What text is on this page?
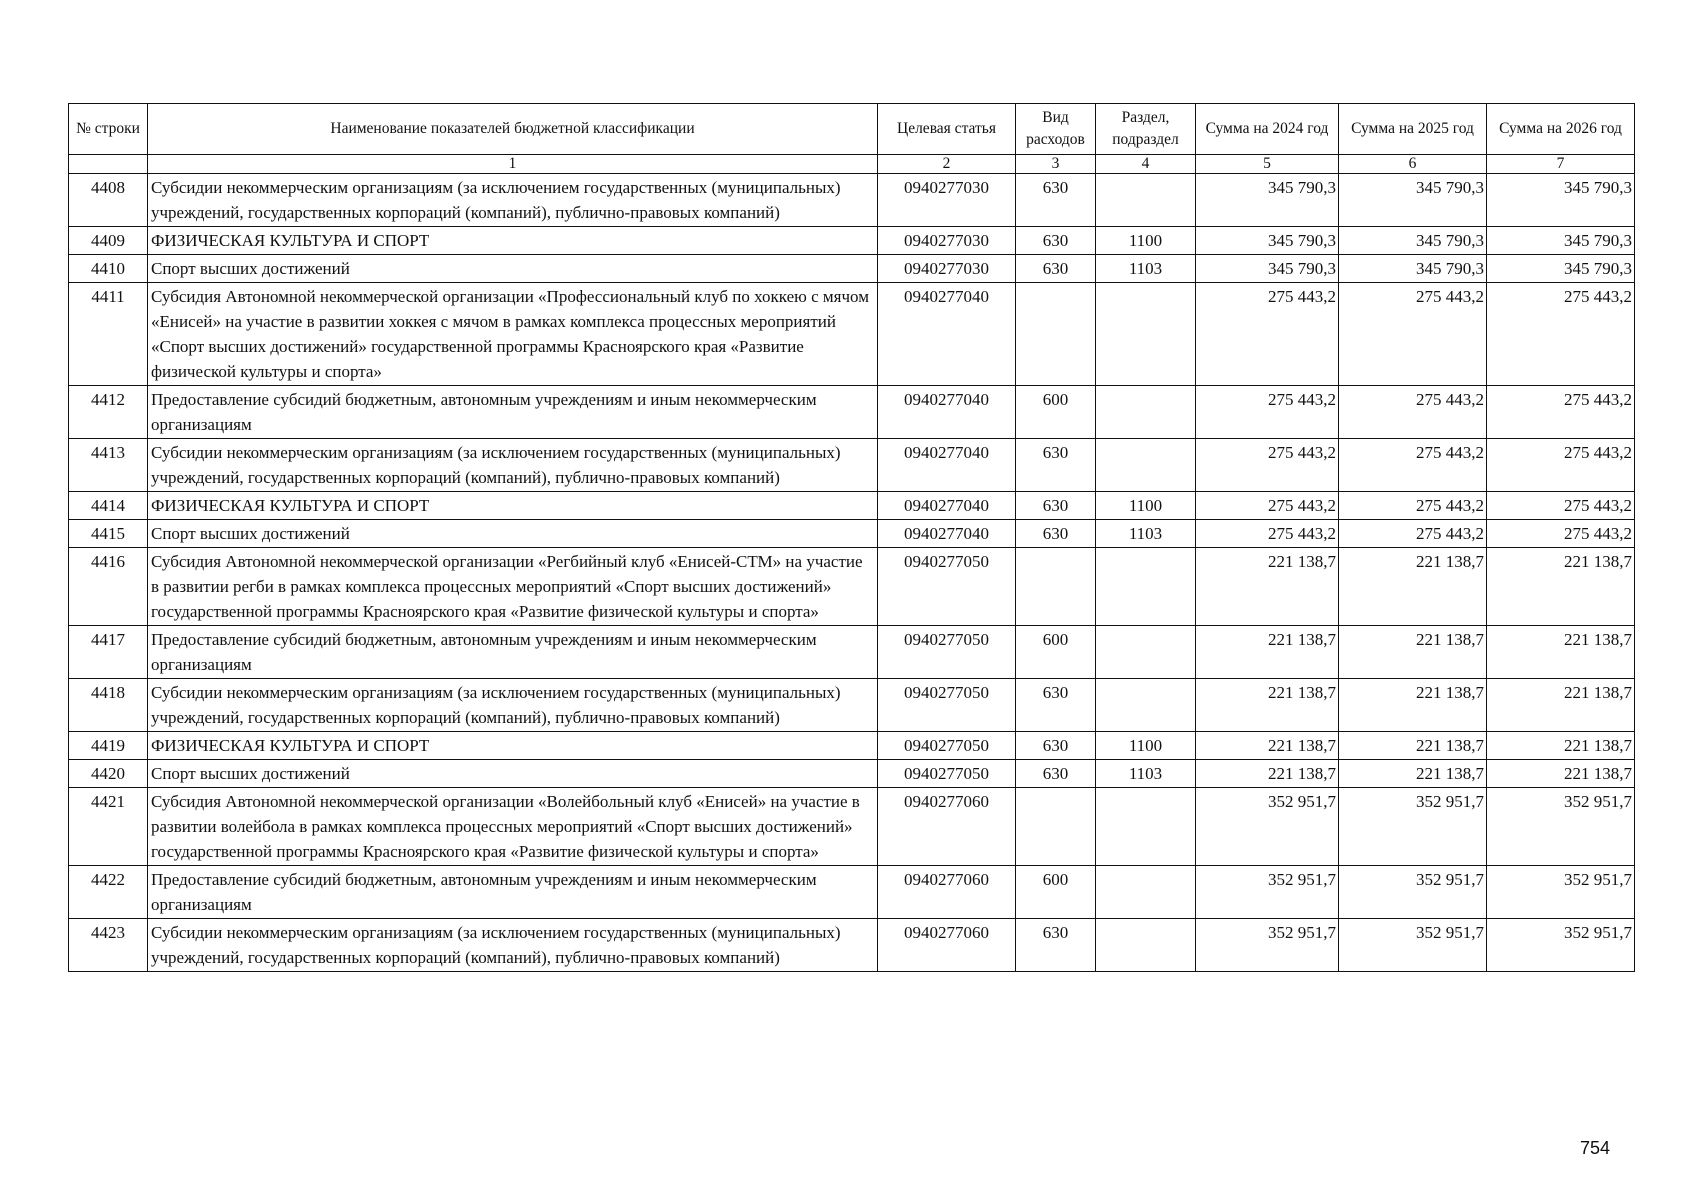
№ строки	Наименование показателей бюджетной классификации	Целевая статья	Вид расходов	Раздел, подраздел	Сумма на 2024 год	Сумма на 2025 год	Сумма на 2026 год
	1	2	3	4	5	6	7
4408	Субсидии некоммерческим организациям (за исключением государственных (муниципальных) учреждений, государственных корпораций (компаний), публично-правовых компаний)	0940277030	630		345 790,3	345 790,3	345 790,3
4409	ФИЗИЧЕСКАЯ КУЛЬТУРА И СПОРТ	0940277030	630	1100	345 790,3	345 790,3	345 790,3
4410	Спорт высших достижений	0940277030	630	1103	345 790,3	345 790,3	345 790,3
4411	Субсидия Автономной некоммерческой организации «Профессиональный клуб по хоккею с мячом «Енисей» на участие в развитии хоккея с мячом в рамках комплекса процессных мероприятий «Спорт высших достижений» государственной программы Красноярского края «Развитие физической культуры и спорта»	0940277040			275 443,2	275 443,2	275 443,2
4412	Предоставление субсидий бюджетным, автономным учреждениям и иным некоммерческим организациям	0940277040	600		275 443,2	275 443,2	275 443,2
4413	Субсидии некоммерческим организациям (за исключением государственных (муниципальных) учреждений, государственных корпораций (компаний), публично-правовых компаний)	0940277040	630		275 443,2	275 443,2	275 443,2
4414	ФИЗИЧЕСКАЯ КУЛЬТУРА И СПОРТ	0940277040	630	1100	275 443,2	275 443,2	275 443,2
4415	Спорт высших достижений	0940277040	630	1103	275 443,2	275 443,2	275 443,2
4416	Субсидия Автономной некоммерческой организации «Регбийный клуб «Енисей-СТМ» на участие в развитии регби в рамках комплекса процессных мероприятий «Спорт высших достижений» государственной программы Красноярского края «Развитие физической культуры и спорта»	0940277050			221 138,7	221 138,7	221 138,7
4417	Предоставление субсидий бюджетным, автономным учреждениям и иным некоммерческим организациям	0940277050	600		221 138,7	221 138,7	221 138,7
4418	Субсидии некоммерческим организациям (за исключением государственных (муниципальных) учреждений, государственных корпораций (компаний), публично-правовых компаний)	0940277050	630		221 138,7	221 138,7	221 138,7
4419	ФИЗИЧЕСКАЯ КУЛЬТУРА И СПОРТ	0940277050	630	1100	221 138,7	221 138,7	221 138,7
4420	Спорт высших достижений	0940277050	630	1103	221 138,7	221 138,7	221 138,7
4421	Субсидия Автономной некоммерческой организации «Волейбольный клуб «Енисей» на участие в развитии волейбола в рамках комплекса процессных мероприятий «Спорт высших достижений» государственной программы Красноярского края «Развитие физической культуры и спорта»	0940277060			352 951,7	352 951,7	352 951,7
4422	Предоставление субсидий бюджетным, автономным учреждениям и иным некоммерческим организациям	0940277060	600		352 951,7	352 951,7	352 951,7
4423	Субсидии некоммерческим организациям (за исключением государственных (муниципальных) учреждений, государственных корпораций (компаний), публично-правовых компаний)	0940277060	630		352 951,7	352 951,7	352 951,7
754
